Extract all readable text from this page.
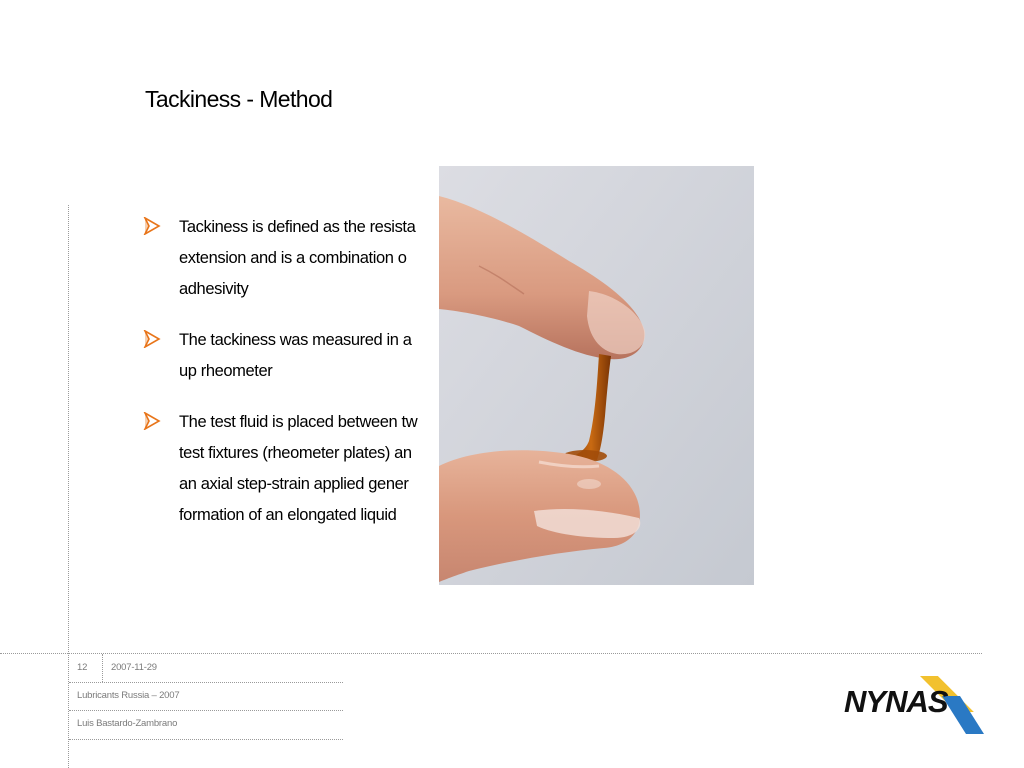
Tackiness - Method
Tackiness is defined as the resista
extension and is a combination o
adhesivity
The tackiness was measured in a
up rheometer
The test fluid is placed between tw
test fixtures (rheometer plates) an
an axial step-strain applied gener
formation of an elongated liquid
12	2007-11-29
Lubricants Russia – 2007
Luis Bastardo-Zambrano
NYNAS
